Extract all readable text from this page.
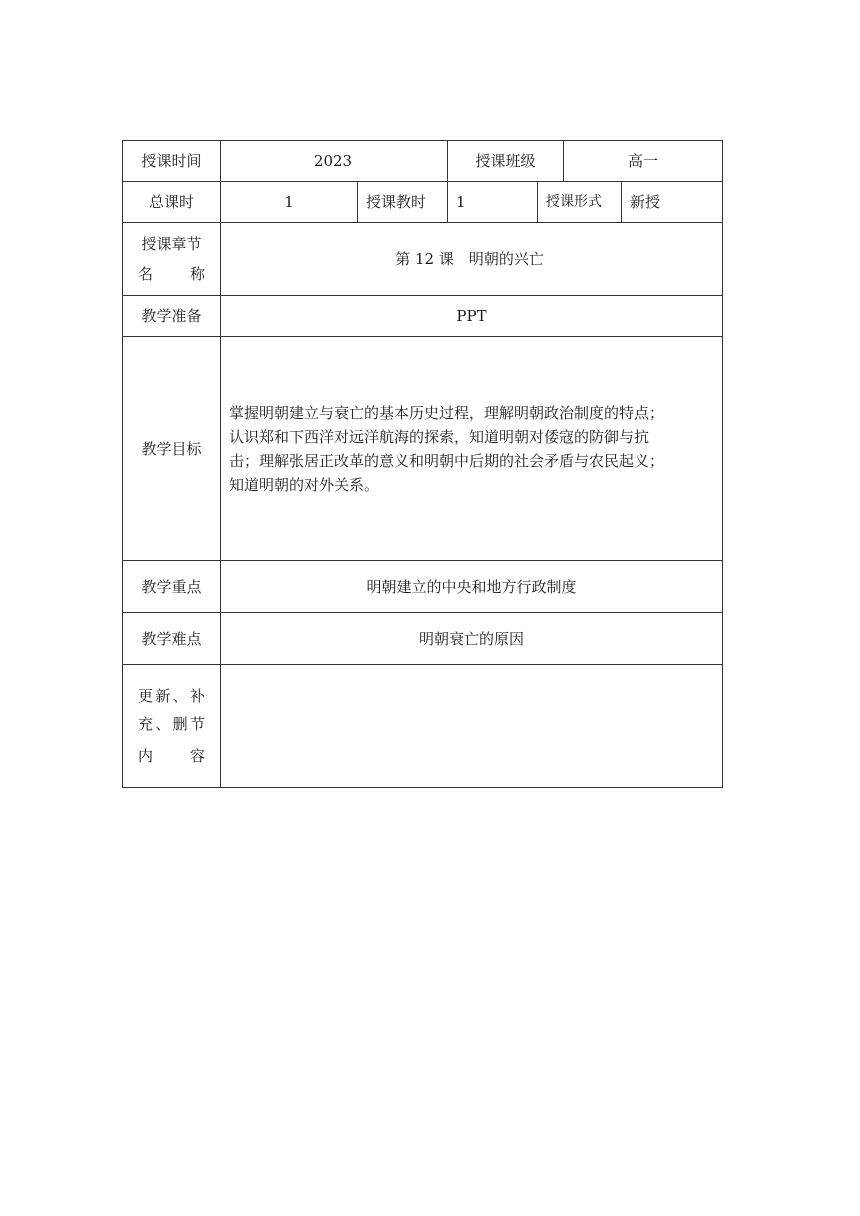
授课时间	2023		授课班级		高一	
总课时	1	授课教时	1	授课形式		新授

授课章节
名 称	第 12 课　明朝的兴亡					
教学准备	PPT					
教学目标	掌握明朝建立与衰亡的基本历史过程，理解明朝政治制度的特点；
认识郑和下西洋对远洋航海的探索，知道明朝对倭寇的防御与抗
击；理解张居正改革的意义和明朝中后期的社会矛盾与农民起义；
知道明朝的对外关系。					

教学重点	明朝建立的中央和地方行政制度					
教学难点	明朝衰亡的原因					

更新、补
充、删节
内 容						
